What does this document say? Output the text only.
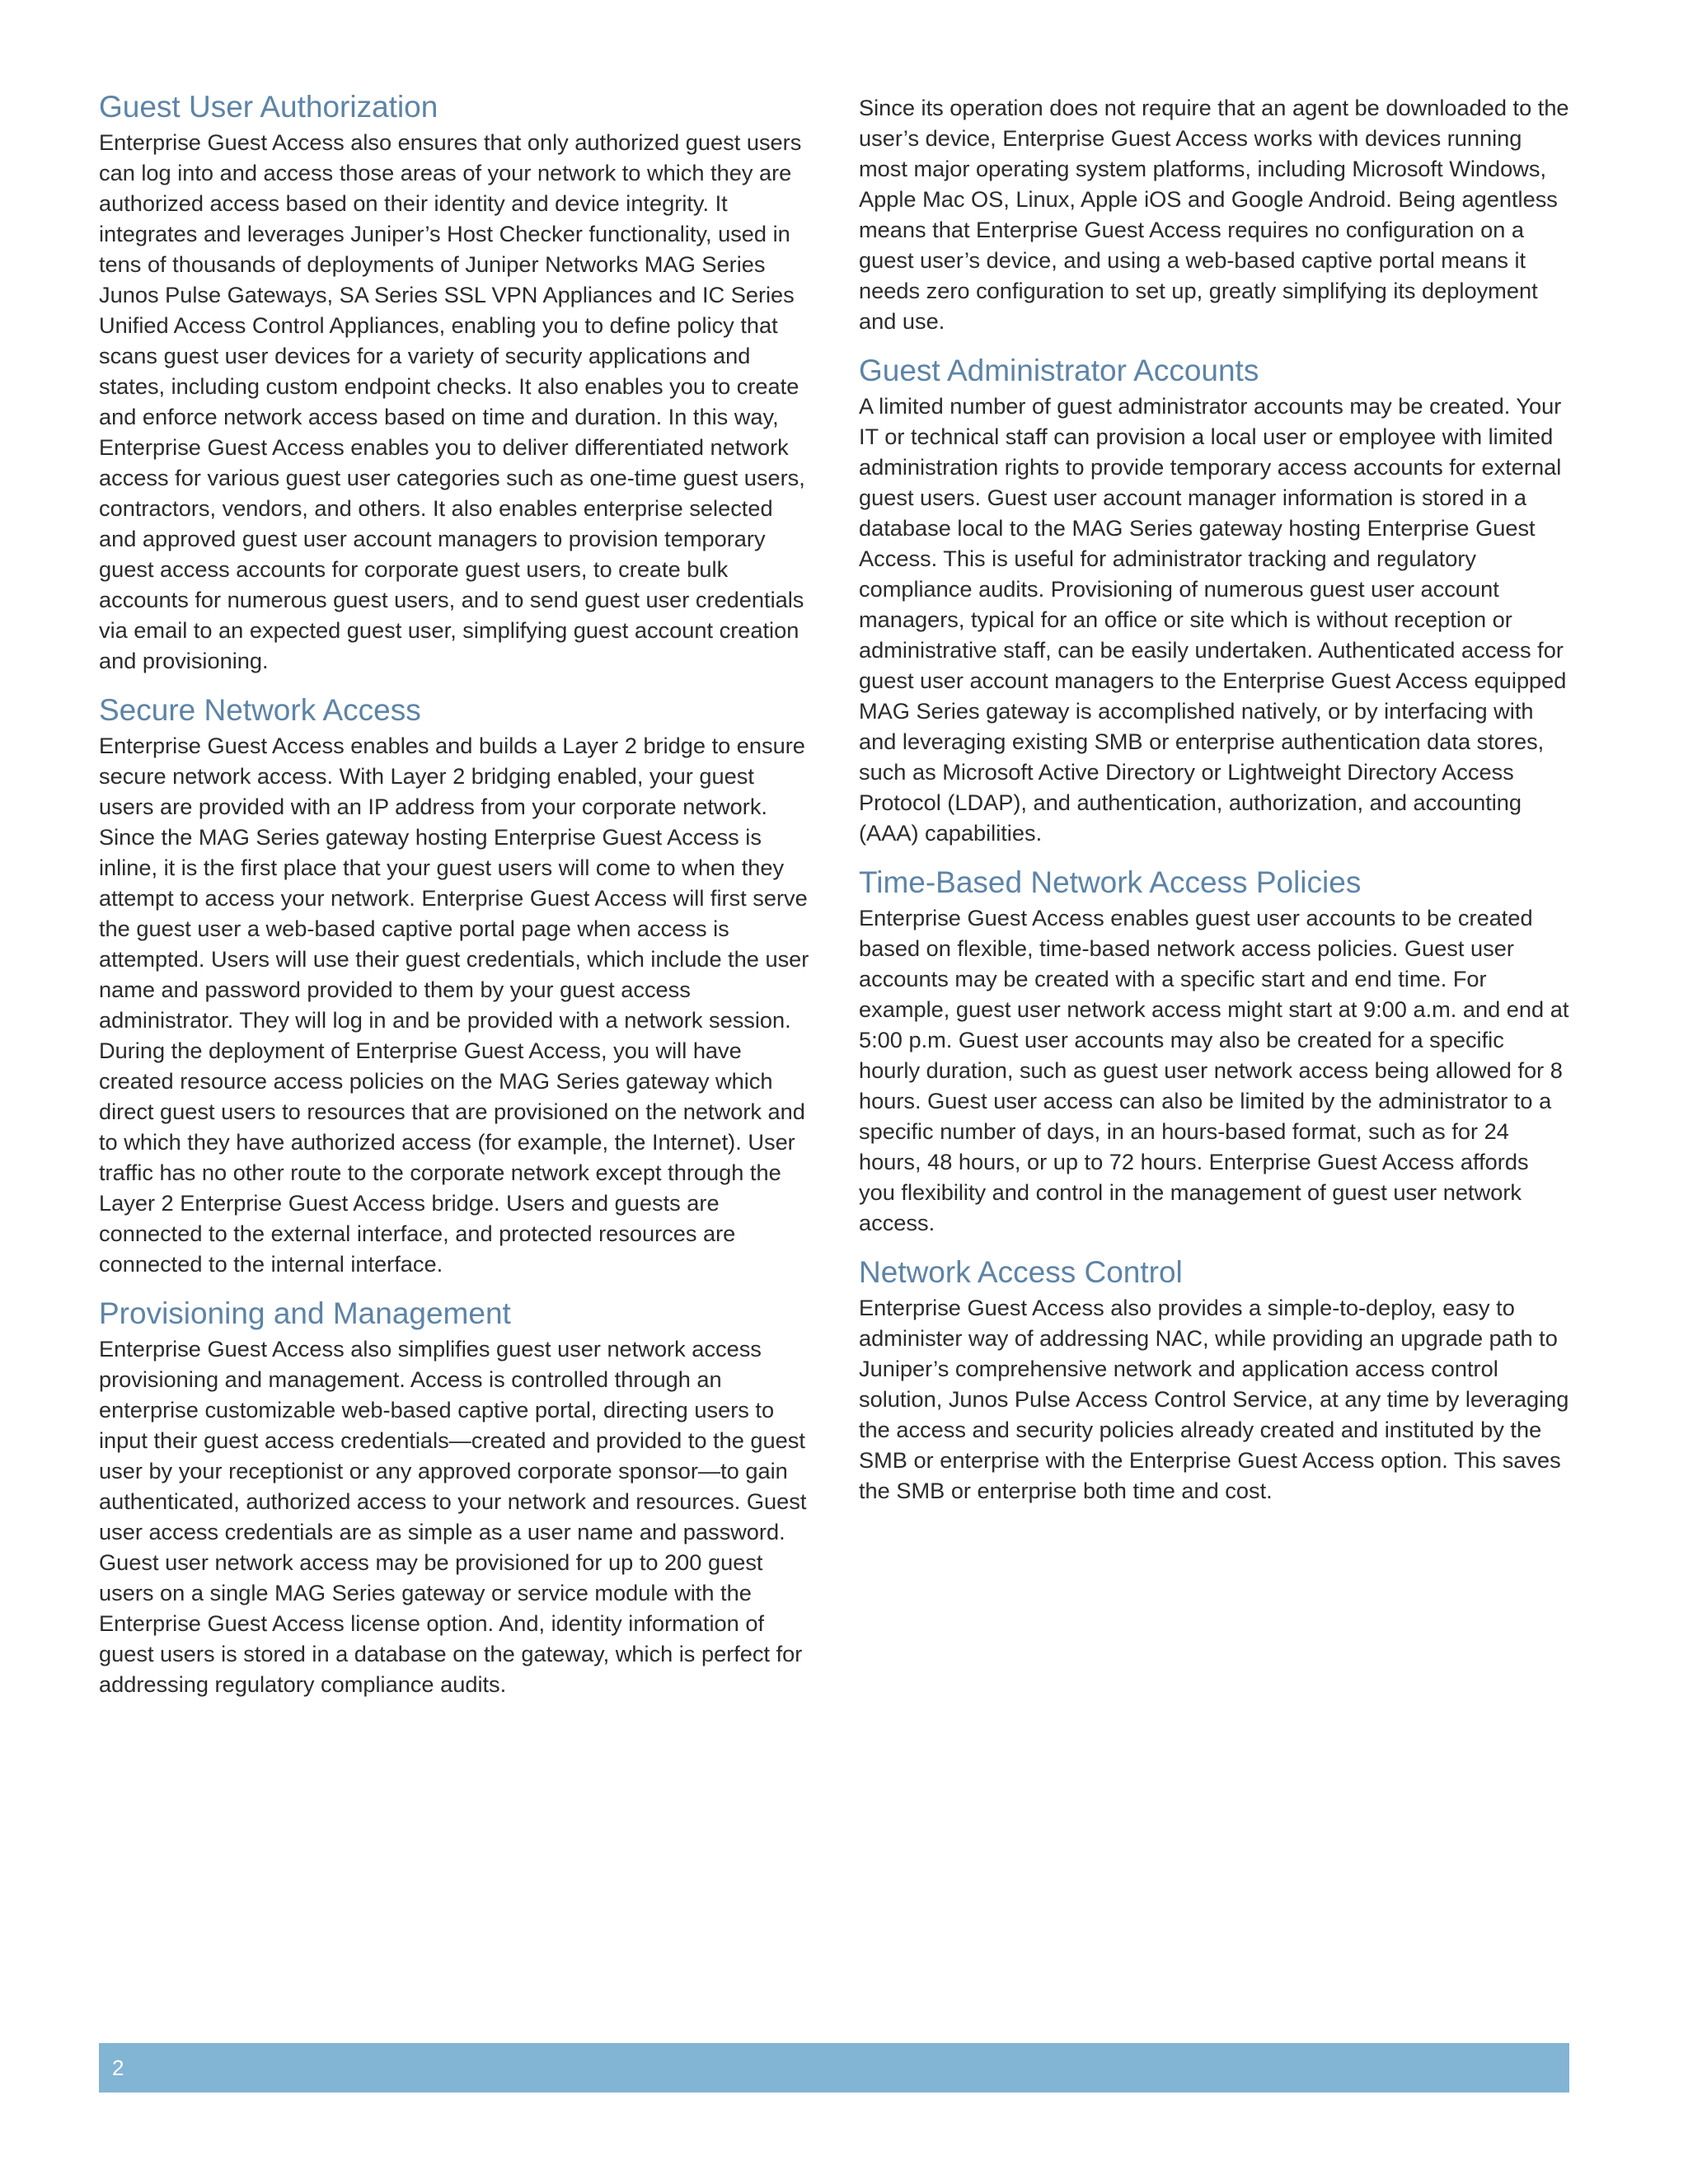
Guest User Authorization

Enterprise Guest Access also ensures that only authorized guest users can log into and access those areas of your network to which they are authorized access based on their identity and device integrity. It integrates and leverages Juniper’s Host Checker functionality, used in tens of thousands of deployments of Juniper Networks MAG Series Junos Pulse Gateways, SA Series SSL VPN Appliances and IC Series Unified Access Control Appliances, enabling you to define policy that scans guest user devices for a variety of security applications and states, including custom endpoint checks. It also enables you to create and enforce network access based on time and duration. In this way, Enterprise Guest Access enables you to deliver differentiated network access for various guest user categories such as one-time guest users, contractors, vendors, and others. It also enables enterprise selected and approved guest user account managers to provision temporary guest access accounts for corporate guest users, to create bulk accounts for numerous guest users, and to send guest user credentials via email to an expected guest user, simplifying guest account creation and provisioning.

Secure Network Access

Enterprise Guest Access enables and builds a Layer 2 bridge to ensure secure network access. With Layer 2 bridging enabled, your guest users are provided with an IP address from your corporate network. Since the MAG Series gateway hosting Enterprise Guest Access is inline, it is the first place that your guest users will come to when they attempt to access your network. Enterprise Guest Access will first serve the guest user a web-based captive portal page when access is attempted. Users will use their guest credentials, which include the user name and password provided to them by your guest access administrator. They will log in and be provided with a network session. During the deployment of Enterprise Guest Access, you will have created resource access policies on the MAG Series gateway which direct guest users to resources that are provisioned on the network and to which they have authorized access (for example, the Internet). User traffic has no other route to the corporate network except through the Layer 2 Enterprise Guest Access bridge. Users and guests are connected to the external interface, and protected resources are connected to the internal interface.

Provisioning and Management

Enterprise Guest Access also simplifies guest user network access provisioning and management. Access is controlled through an enterprise customizable web-based captive portal, directing users to input their guest access credentials—created and provided to the guest user by your receptionist or any approved corporate sponsor—to gain authenticated, authorized access to your network and resources. Guest user access credentials are as simple as a user name and password. Guest user network access may be provisioned for up to 200 guest users on a single MAG Series gateway or service module with the Enterprise Guest Access license option. And, identity information of guest users is stored in a database on the gateway, which is perfect for addressing regulatory compliance audits.

Since its operation does not require that an agent be downloaded to the user’s device, Enterprise Guest Access works with devices running most major operating system platforms, including Microsoft Windows, Apple Mac OS, Linux, Apple iOS and Google Android. Being agentless means that Enterprise Guest Access requires no configuration on a guest user’s device, and using a web-based captive portal means it needs zero configuration to set up, greatly simplifying its deployment and use.

Guest Administrator Accounts

A limited number of guest administrator accounts may be created. Your IT or technical staff can provision a local user or employee with limited administration rights to provide temporary access accounts for external guest users. Guest user account manager information is stored in a database local to the MAG Series gateway hosting Enterprise Guest Access. This is useful for administrator tracking and regulatory compliance audits. Provisioning of numerous guest user account managers, typical for an office or site which is without reception or administrative staff, can be easily undertaken. Authenticated access for guest user account managers to the Enterprise Guest Access equipped MAG Series gateway is accomplished natively, or by interfacing with and leveraging existing SMB or enterprise authentication data stores, such as Microsoft Active Directory or Lightweight Directory Access Protocol (LDAP), and authentication, authorization, and accounting (AAA) capabilities.

Time-Based Network Access Policies

Enterprise Guest Access enables guest user accounts to be created based on flexible, time-based network access policies. Guest user accounts may be created with a specific start and end time. For example, guest user network access might start at 9:00 a.m. and end at 5:00 p.m. Guest user accounts may also be created for a specific hourly duration, such as guest user network access being allowed for 8 hours. Guest user access can also be limited by the administrator to a specific number of days, in an hours-based format, such as for 24 hours, 48 hours, or up to 72 hours. Enterprise Guest Access affords you flexibility and control in the management of guest user network access.

Network Access Control

Enterprise Guest Access also provides a simple-to-deploy, easy to administer way of addressing NAC, while providing an upgrade path to Juniper’s comprehensive network and application access control solution, Junos Pulse Access Control Service, at any time by leveraging the access and security policies already created and instituted by the SMB or enterprise with the Enterprise Guest Access option. This saves the SMB or enterprise both time and cost.

2
